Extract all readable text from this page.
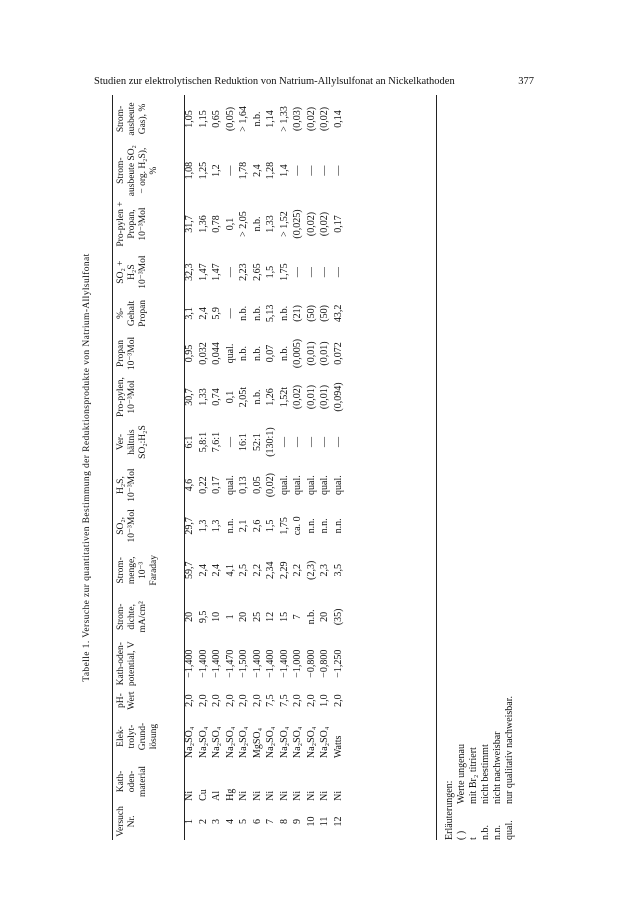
Studien zur elektrolytischen Reduktion von Natrium-Allylsulfonat an Nickelkathoden	377
Tabelle 1. Versuche zur quantitativen Bestimmung der Reduktionsprodukte von Natrium-Allylsulfonat
Versuch Nr.	Kath-oden-material	Elek-trolyt-Grund-lösung	pH-Wert	Kath-oden-potential, V	Strom-dichte, mA/cm²	Strom-menge, 10⁻³ Faraday	SO₂, 10⁻³Mol	H₂S, 10⁻³Mol	Ver-hältnis SO₂:H₂S	Pro-pylen, 10⁻³Mol	Propan 10⁻³Mol	%-Gehalt Propan	SO₂ + H₂S 10⁻³Mol	Pro-pylen + Propan, 10⁻³Mol	Strom-ausbeute SO₂ − org. H₂S), %	Strom-ausbeute Gas), %
1	Ni	Na₂SO₄	2,0	−1,400	20	59,7	29,7	4,6	6:1	30,7	0,95	3,1	32,3	31,7	1,08	1,05
2	Cu	Na₂SO₄	2,0	−1,400	9,5	2,4	1,3	0,22	5,8:1	1,33	0,032	2,4	1,47	1,36	1,25	1,15
3	Al	Na₂SO₄	2,0	−1,400	10	2,4	1,3	0,17	7,6:1	0,74	0,044	5,9	1,47	0,78	1,2	0,65
4	Hg	Na₂SO₄	2,0	−1,470	1	4,1	n.n.	qual.	—	0,1	qual.	—	—	0,1	—	(0,05)
5	Ni	Na₂SO₄	2,0	−1,500	20	2,5	2,1	0,13	16:1	2,05t	n.b.	n.b.	2,23	> 2,05	1,78	> 1,64
6	Ni	MgSO₄	2,0	−1,400	25	2,2	2,6	0,05	52:1	n.b.	n.b.	n.b.	2,65	n.b.	2,4	n.b.
7	Ni	Na₂SO₄	7,5	−1,400	12	2,34	1,5	(0,02)	(130:1)	1,26	0,07	5,13	1,5	1,33	1,28	1,14
8	Ni	Na₂SO₄	7,5	−1,400	15	2,29	1,75	qual.	—	1,52t	n.b.	n.b.	1,75	> 1,52	1,4	> 1,33
9	Ni	Na₂SO₄	2,0	−1,000	7	2,2	ca. 0	qual.	—	(0,02)	(0,005)	(21)	—	(0,025)	—	(0,03)
10	Ni	Na₂SO₄	2,0	−0,800	n.b.	(2,3)	n.n.	qual.	—	(0,01)	(0,01)	(50)	—	(0,02)	—	(0,02)
11	Ni	Na₂SO₄	1,0	−0,800	20	2,3	n.n.	qual.	—	(0,01)	(0,01)	(50)	—	(0,02)	—	(0,02)
12	Ni	Watts	2,0	−1,250	(35)	3,5	n.n.	qual.	—	(0,094)	0,072	43,2	—	0,17	—	0,14
Erläuterungen: ( )
Werte ungenau
t
mit Br₂ titriert
n.b.
nicht bestimmt
n.n.
nicht nachweisbar
qual.
nur qualitativ nachweisbar.
